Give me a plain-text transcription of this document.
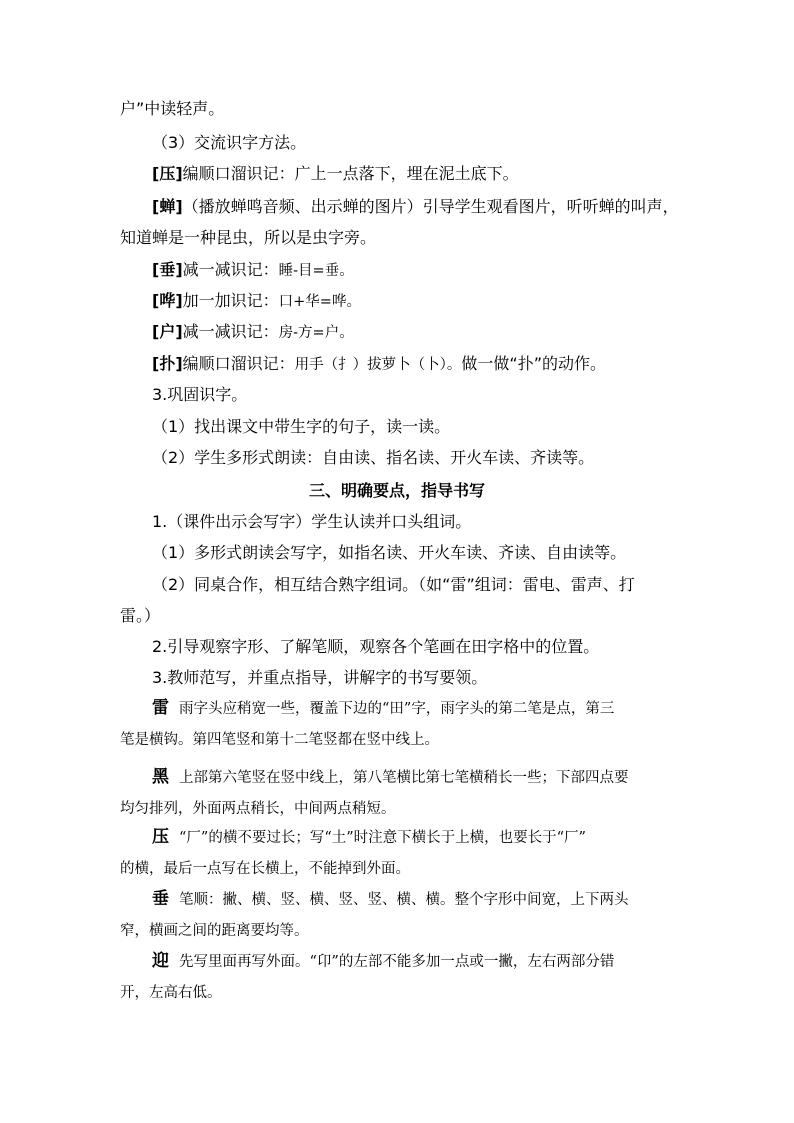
户”中读轻声。
（3）交流识字方法。
[压]编顺口溜识记：广上一点落下，埋在泥土底下。
[蝉]（播放蝉鸣音频、出示蝉的图片）引导学生观看图片，听听蝉的叫声，
知道蝉是一种昆虫，所以是虫字旁。
[垂]减一减识记：睡-目=垂。
[哗]加一加识记：口+华=哗。
[户]减一减识记：房-方=户。
[扑]编顺口溜识记：用手（扌）拔萝卜（卜）。做一做“扑”的动作。
3.巩固识字。
（1）找出课文中带生字的句子，读一读。
（2）学生多形式朗读：自由读、指名读、开火车读、齐读等。
三、明确要点，指导书写
1.（课件出示会写字）学生认读并口头组词。
（1）多形式朗读会写字，如指名读、开火车读、齐读、自由读等。
（2）同桌合作，相互结合熟字组词。（如“雷”组词：雷电、雷声、打
雷。）
2.引导观察字形、了解笔顺，观察各个笔画在田字格中的位置。
3.教师范写，并重点指导，讲解字的书写要领。
雷 雨字头应稍宽一些，覆盖下边的“田”字，雨字头的第二笔是点，第三
笔是横钩。第四笔竖和第十二笔竖都在竖中线上。
黑 上部第六笔竖在竖中线上，第八笔横比第七笔横稍长一些；下部四点要
均匀排列，外面两点稍长，中间两点稍短。
压 “厂”的横不要过长；写“土”时注意下横长于上横，也要长于“厂”
的横，最后一点写在长横上，不能掉到外面。
垂 笔顺：撇、横、竖、横、竖、竖、横、横。整个字形中间宽，上下两头
窄，横画之间的距离要均等。
迎 先写里面再写外面。“卬”的左部不能多加一点或一撇，左右两部分错
开，左高右低。
